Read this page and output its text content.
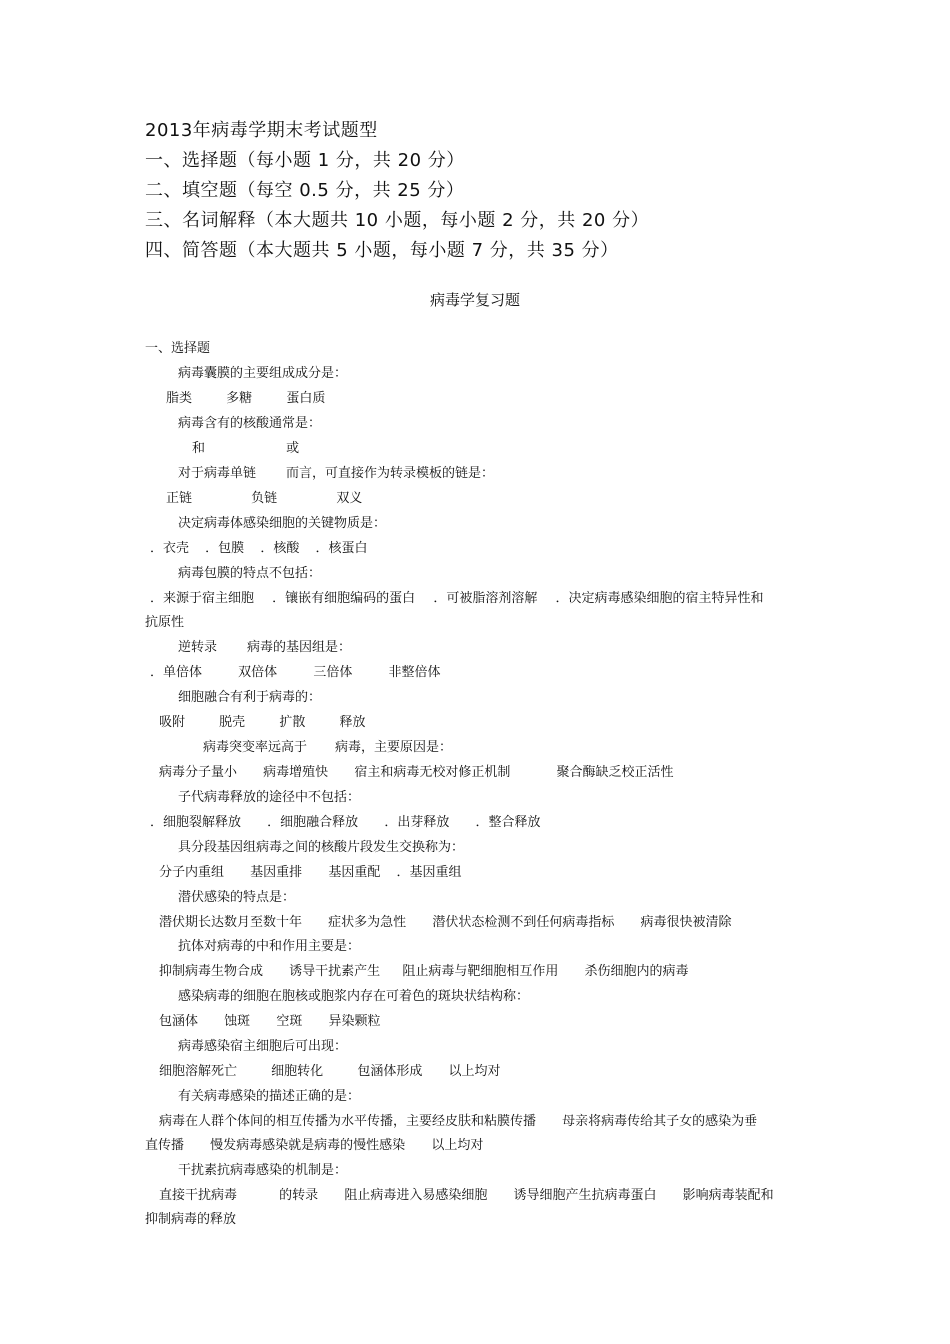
2013年病毒学期末考试题型
一、选择题（每小题 1 分，共 20 分）
二、填空题（每空 0.5 分，共 25 分）
三、名词解释（本大题共 10 小题，每小题 2 分，共 20 分）
四、简答题（本大题共 5 小题，每小题 7 分，共 35 分）
病毒学复习题
一、选择题
病毒囊膜的主要组成成分是：
脂类	多糖	蛋白质
病毒含有的核酸通常是：
和	或
对于病毒单链 而言，可直接作为转录模板的链是：
正链	负链	双义
决定病毒体感染细胞的关键物质是：
．衣壳 ．包膜 ．核酸 ．核蛋白
病毒包膜的特点不包括：
．来源于宿主细胞 ．镶嵌有细胞编码的蛋白 ．可被脂溶剂溶解 ．决定病毒感染细胞的宿主特异性和
抗原性
逆转录 病毒的基因组是：
．单倍体	双倍体	三倍体	非整倍体
细胞融合有利于病毒的：
吸附	脱壳	扩散	释放
病毒突变率远高于 病毒，主要原因是：
病毒分子量小 病毒增殖快 宿主和病毒无校对修正机制	聚合酶缺乏校正活性
子代病毒释放的途径中不包括：
．细胞裂解释放 ．细胞融合释放 ．出芽释放 ．整合释放
具分段基因组病毒之间的核酸片段发生交换称为：
分子内重组 基因重排 基因重配 ．基因重组
潜伏感染的特点是：
潜伏期长达数月至数十年 症状多为急性 潜伏状态检测不到任何病毒指标 病毒很快被清除
抗体对病毒的中和作用主要是：
抑制病毒生物合成 诱导干扰素产生 阻止病毒与靶细胞相互作用 杀伤细胞内的病毒
感染病毒的细胞在胞核或胞浆内存在可着色的斑块状结构称：
包涵体 蚀斑 空斑 异染颗粒
病毒感染宿主细胞后可出现：
细胞溶解死亡	细胞转化	包涵体形成 以上均对
有关病毒感染的描述正确的是：
病毒在人群个体间的相互传播为水平传播，主要经皮肤和粘膜传播 母亲将病毒传给其子女的感染为垂
直传播 慢发病毒感染就是病毒的慢性感染 以上均对
干扰素抗病毒感染的机制是：
直接干扰病毒	的转录 阻止病毒进入易感染细胞 诱导细胞产生抗病毒蛋白 影响病毒装配和
抑制病毒的释放
